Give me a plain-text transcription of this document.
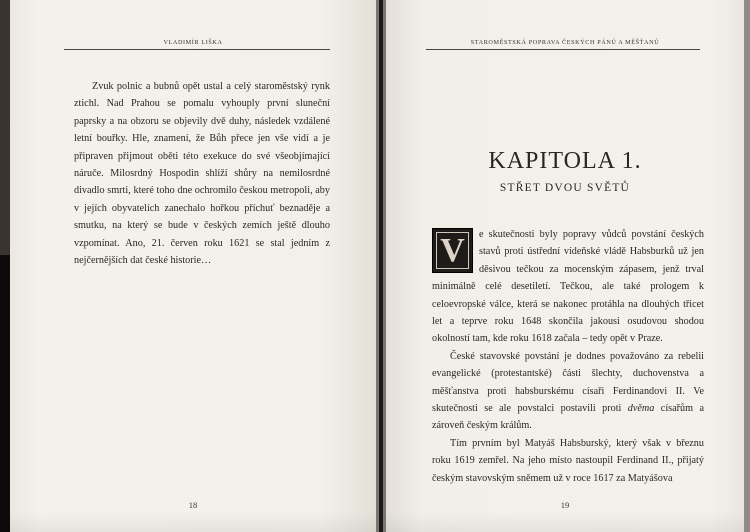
VLADIMÍR LIŠKA

Zvuk polnic a bubnů opět ustal a celý staroměstský rynk ztichl. Nad Prahou se pomalu vyhouply první sluneční paprsky a na obzoru se objevily dvě duhy, následek vzdálené letní bouřky. Hle, znamení, že Bůh přece jen vše vidí a je připraven přijmout oběti této exekuce do své všeobjímající náruče. Milosrdný Hospodin shlíží shůry na nemilosrdné divadlo smrti, které toho dne ochromilo českou metropoli, aby v jejích obyvatelích zanechalo hořkou příchuť beznaděje a smutku, na který se bude v českých zemích ještě dlouho vzpomínat. Ano, 21. červen roku 1621 se stal jedním z nejčernějších dat české historie…

18
STAROMĚSTSKÁ POPRAVA ČESKÝCH PÁNŮ A MĚŠŤANŮ
KAPITOLA 1.
STŘET DVOU SVĚTŮ

V	e skutečnosti byly popravy vůdců povstání českých stavů proti ústřední vídeňské vládě Habsburků už jen děsivou tečkou za mocenským zápasem, jenž trval minimálně celé desetiletí. Tečkou, ale také prologem k celoevropské válce, která se nakonec protáhla na dlouhých třicet let a teprve roku 1648 skončila jakousi osudovou shodou okolností tam, kde roku 1618 začala – tedy opět v Praze.

České stavovské povstání je dodnes považováno za rebelii evangelické (protestantské) části šlechty, duchovenstva a měšťanstva proti habsburskému císaři Ferdinandovi II. Ve skutečnosti se ale povstalci postavili proti dvěma císařům a zároveň českým králům.

Tím prvním byl Matyáš Habsburský, který však v březnu roku 1619 zemřel. Na jeho místo nastoupil Ferdinand II., přijatý českým stavovským sněmem už v roce 1617 za Matyášova

19
